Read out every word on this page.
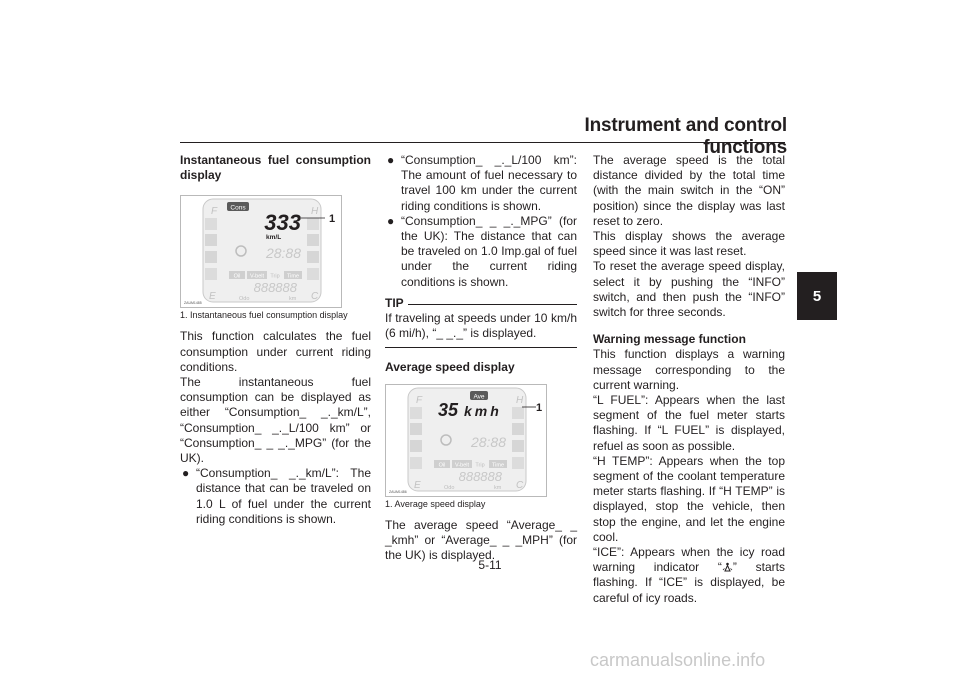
Instrument and control functions
5

Instantaneous fuel consumption display

F	H
E	C
Cons
333
km/L
28:88
Oil V-belt Trip Time
888888
Odo	km
1
ZAUM1485

1. Instantaneous fuel consumption display

This function calculates the fuel consumption under current riding conditions.

The instantaneous fuel consumption can be displayed as either “Consumption_ _._km/L”, “Consumption_ _._L/100 km” or “Consumption_ _ _._MPG” (for the UK).

● “Consumption_ _._km/L”: The distance that can be traveled on 1.0 L of fuel under the current riding conditions is shown.
● “Consumption_ _._L/100 km”: The amount of fuel necessary to travel 100 km under the current riding conditions is shown.
● “Consumption_ _ _._MPG” (for the UK): The distance that can be traveled on 1.0 Imp.gal of fuel under the current riding conditions is shown.
TIP

If traveling at speeds under 10 km/h (6 mi/h), “_ _._” is displayed.

Average speed display

F	H
E	C
Ave
35 kmh
28:88
Oil V-belt Trip Time
888888
Odo	km
1
ZAUM1486

1. Average speed display

The average speed “Average_ _ _kmh” or “Average_ _ _MPH” (for the UK) is displayed.

The average speed is the total distance divided by the total time (with the main switch in the “ON” position) since the display was last reset to zero.

This display shows the average speed since it was last reset.

To reset the average speed display, select it by pushing the “INFO” switch, and then push the “INFO” switch for three seconds.

Warning message function

This function displays a warning message corresponding to the current warning.

“L FUEL”: Appears when the last segment of the fuel meter starts flashing. If “L FUEL” is displayed, refuel as soon as possible.

“H TEMP”: Appears when the top segment of the coolant temperature meter starts flashing. If “H TEMP” is displayed, stop the vehicle, then stop the engine, and let the engine cool.

“ICE”: Appears when the icy road warning indicator “ ” starts flashing. If “ICE” is displayed, be careful of icy roads.

5-11
carmanualsonline.info
